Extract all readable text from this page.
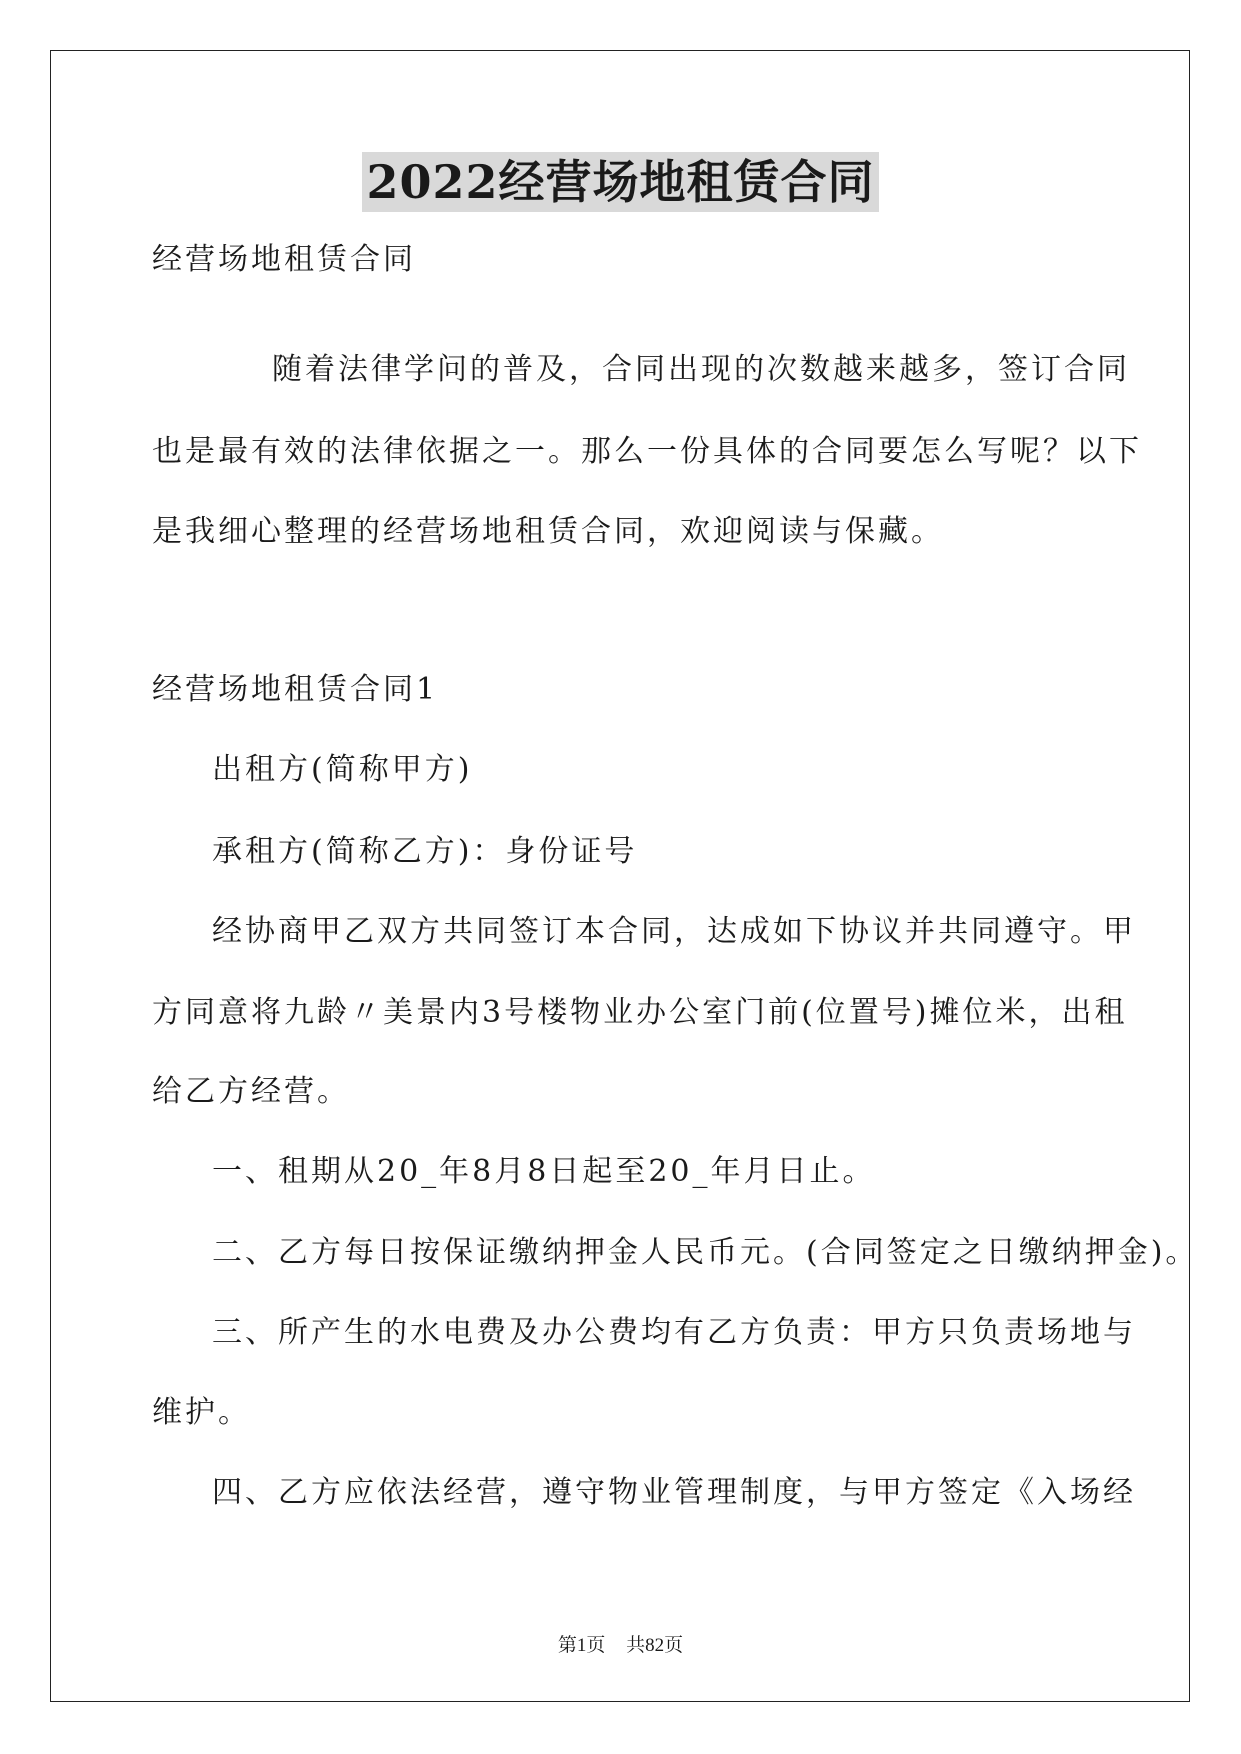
2022经营场地租赁合同
经营场地租赁合同
随着法律学问的普及，合同出现的次数越来越多，签订合同
也是最有效的法律依据之一。那么一份具体的合同要怎么写呢？以下
是我细心整理的经营场地租赁合同，欢迎阅读与保藏。
经营场地租赁合同1
出租方(简称甲方)
承租方(简称乙方)：身份证号
经协商甲乙双方共同签订本合同，达成如下协议并共同遵守。甲
方同意将九龄〃美景内3号楼物业办公室门前(位置号)摊位米，出租
给乙方经营。
一、租期从20_年8月8日起至20_年月日止。
二、乙方每日按保证缴纳押金人民币元。(合同签定之日缴纳押金)。
三、所产生的水电费及办公费均有乙方负责：甲方只负责场地与
维护。
四、乙方应依法经营，遵守物业管理制度，与甲方签定《入场经
第1页 共82页
